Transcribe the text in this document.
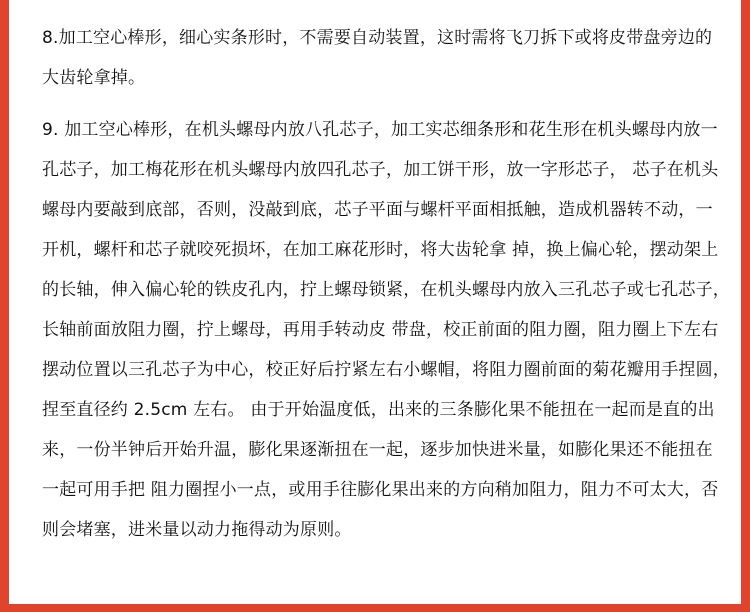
8.加工空心棒形，细心实条形时，不需要自动装置，这时需将飞刀拆下或将皮带盘旁边的
大齿轮拿掉。

9. 加工空心棒形，在机头螺母内放八孔芯子，加工实芯细条形和花生形在机头螺母内放一
孔芯子，加工梅花形在机头螺母内放四孔芯子，加工饼干形，放一字形芯子， 芯子在机头
螺母内要敲到底部，否则，没敲到底，芯子平面与螺杆平面相抵触，造成机器转不动，一
开机，螺杆和芯子就咬死损坏，在加工麻花形时，将大齿轮拿 掉，换上偏心轮，摆动架上
的长轴，伸入偏心轮的铁皮孔内，拧上螺母锁紧，在机头螺母内放入三孔芯子或七孔芯子，
长轴前面放阻力圈，拧上螺母，再用手转动皮 带盘，校正前面的阻力圈，阻力圈上下左右
摆动位置以三孔芯子为中心，校正好后拧紧左右小螺帽，将阻力圈前面的菊花瓣用手捏圆，
捏至直径约 2.5cm 左右。 由于开始温度低，出来的三条膨化果不能扭在一起而是直的出
来，一份半钟后开始升温，膨化果逐渐扭在一起，逐步加快进米量，如膨化果还不能扭在
一起可用手把 阻力圈捏小一点，或用手往膨化果出来的方向稍加阻力，阻力不可太大，否
则会堵塞，进米量以动力拖得动为原则。
